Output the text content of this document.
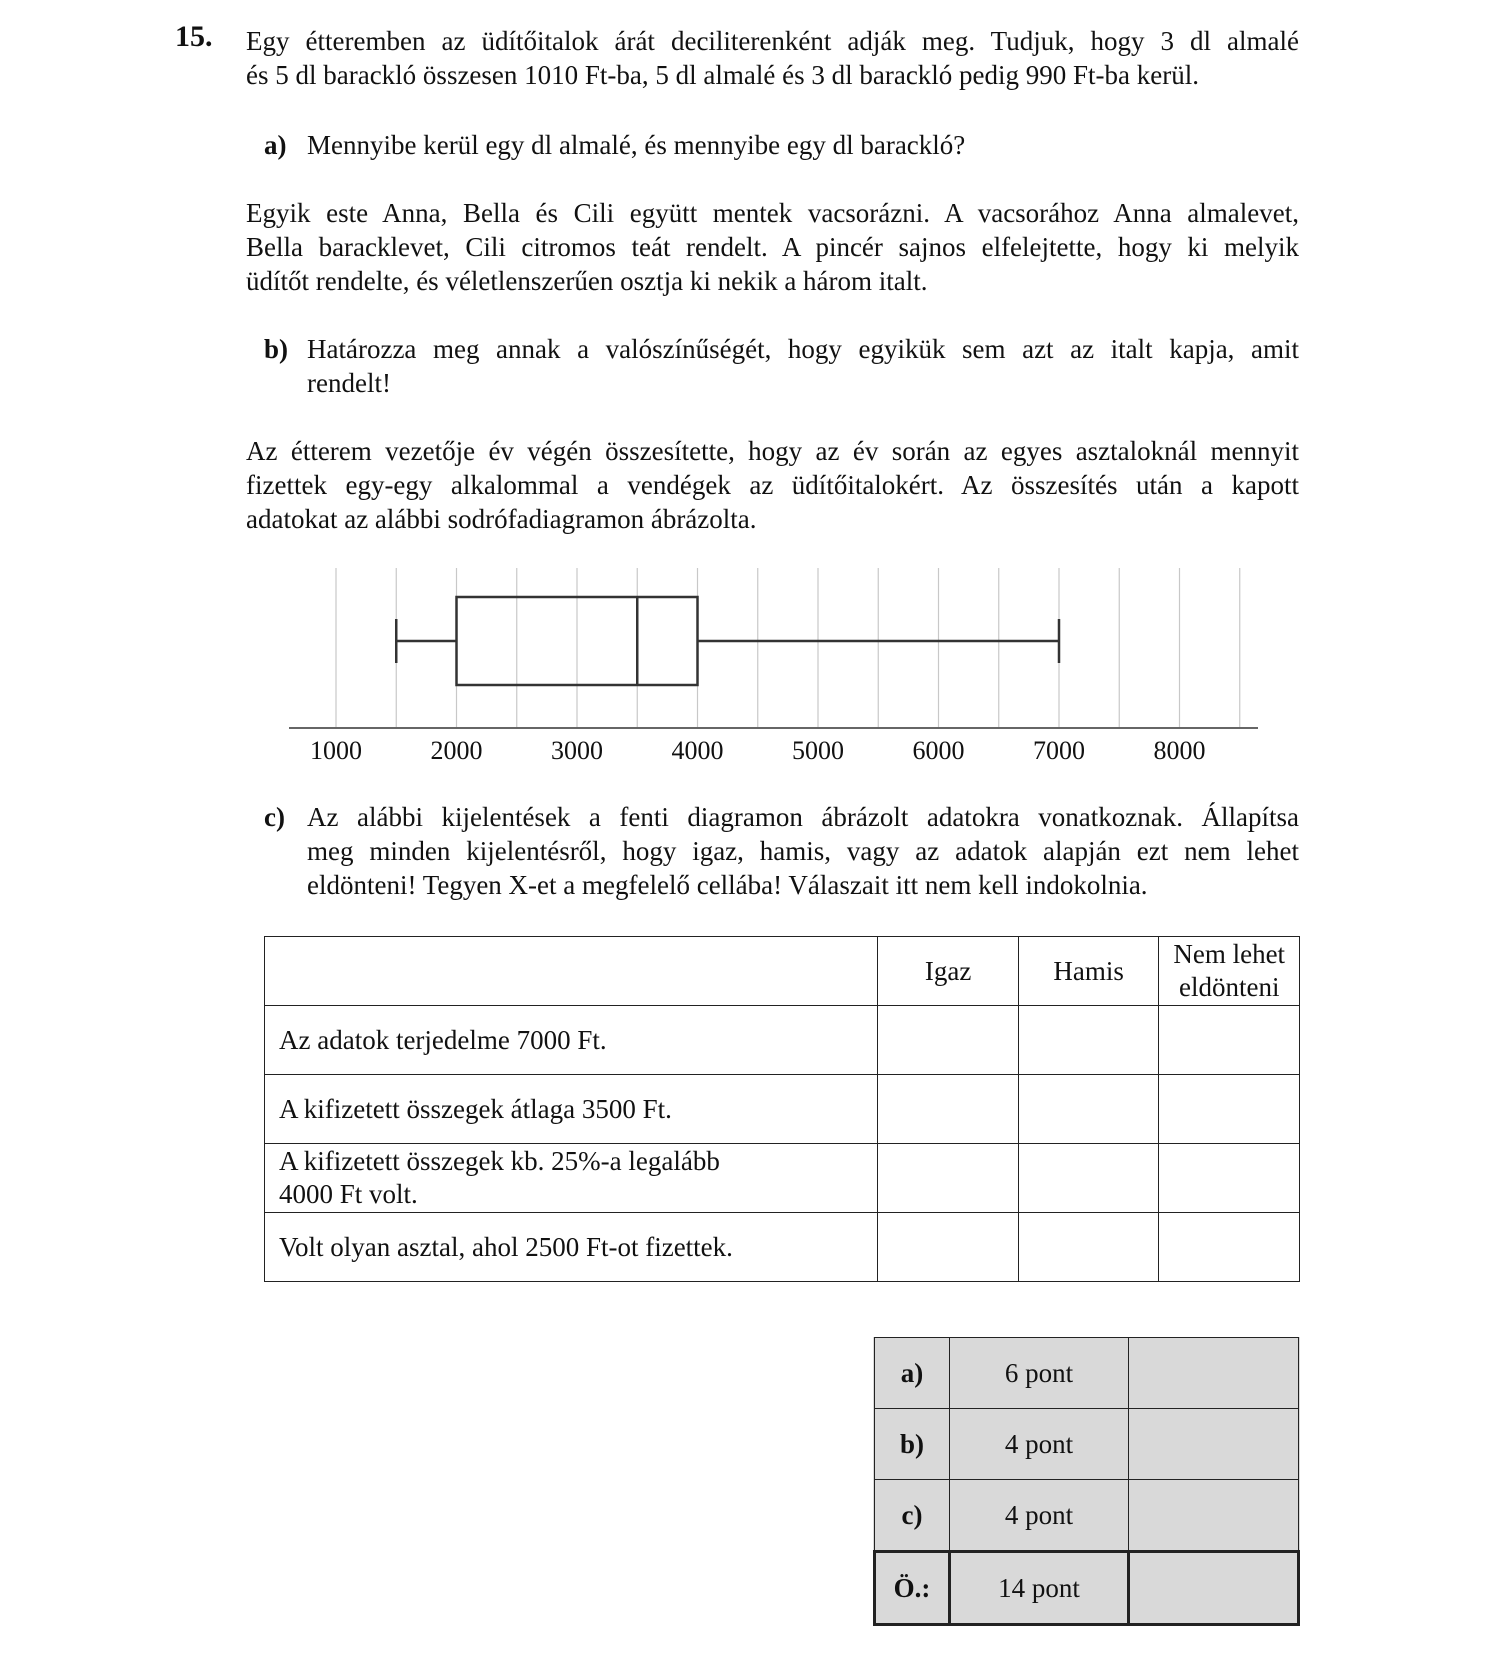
15. Egy étteremben az üdítőitalok árát deciliterenként adják meg. Tudjuk, hogy 3 dl almalé
és 5 dl barackló összesen 1010 Ft-ba, 5 dl almalé és 3 dl barackló pedig 990 Ft-ba kerül.
a) Mennyibe kerül egy dl almalé, és mennyibe egy dl barackló?
Egyik este Anna, Bella és Cili együtt mentek vacsorázni. A vacsorához Anna almalevet,
Bella baracklevet, Cili citromos teát rendelt. A pincér sajnos elfelejtette, hogy ki melyik
üdítőt rendelte, és véletlenszerűen osztja ki nekik a három italt.
b) Határozza meg annak a valószínűségét, hogy egyikük sem azt az italt kapja, amit
rendelt!
Az étterem vezetője év végén összesítette, hogy az év során az egyes asztaloknál mennyit
fizettek egy-egy alkalommal a vendégek az üdítőitalokért. Az összesítés után a kapott
adatokat az alábbi sodrófadiagramon ábrázolta.
1000	2000	3000	4000	5000	6000	7000	8000
c) Az alábbi kijelentések a fenti diagramon ábrázolt adatokra vonatkoznak. Állapítsa
meg minden kijelentésről, hogy igaz, hamis, vagy az adatok alapján ezt nem lehet
eldönteni! Tegyen X-et a megfelelő cellába! Válaszait itt nem kell indokolnia.
	Igaz	Hamis	Nem lehet
eldönteni
Az adatok terjedelme 7000 Ft.			
A kifizetett összegek átlaga 3500 Ft.			
A kifizetett összegek kb. 25%-a legalább
4000 Ft volt.			
Volt olyan asztal, ahol 2500 Ft-ot fizettek.			
a)	6 pont	
b)	4 pont	
c)	4 pont	
Ö.:	14 pont	
